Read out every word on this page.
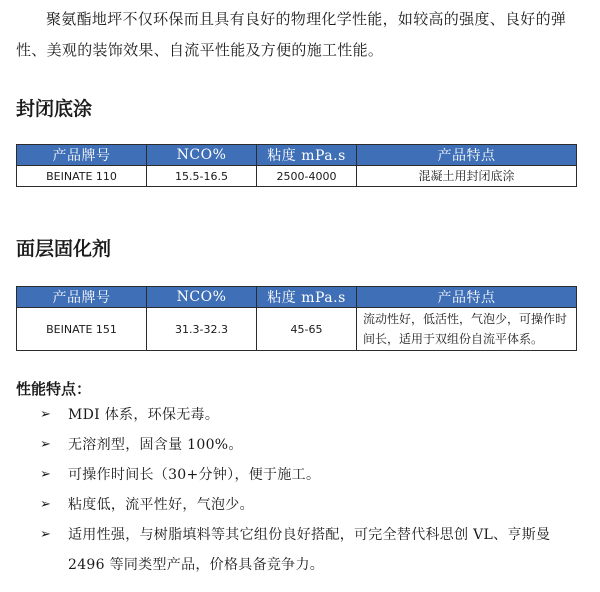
聚氨酯地坪不仅环保而且具有良好的物理化学性能，如较高的强度、良好的弹性、美观的装饰效果、自流平性能及方便的施工性能。

封闭底涂
产品牌号	NCO%	粘度 mPa.s	产品特点
BEINATE 110	15.5-16.5	2500-4000	混凝土用封闭底涂
面层固化剂
产品牌号	NCO%	粘度 mPa.s	产品特点
BEINATE 151	31.3-32.3	45-65	流动性好，低活性，气泡少，可操作时间长，适用于双组份自流平体系。
性能特点：
➢ MDI 体系，环保无毒。
➢ 无溶剂型，固含量 100%。
➢ 可操作时间长（30+分钟），便于施工。
➢ 粘度低，流平性好，气泡少。
➢ 适用性强，与树脂填料等其它组份良好搭配，可完全替代科思创 VL、亨斯曼 2496 等同类型产品，价格具备竞争力。
